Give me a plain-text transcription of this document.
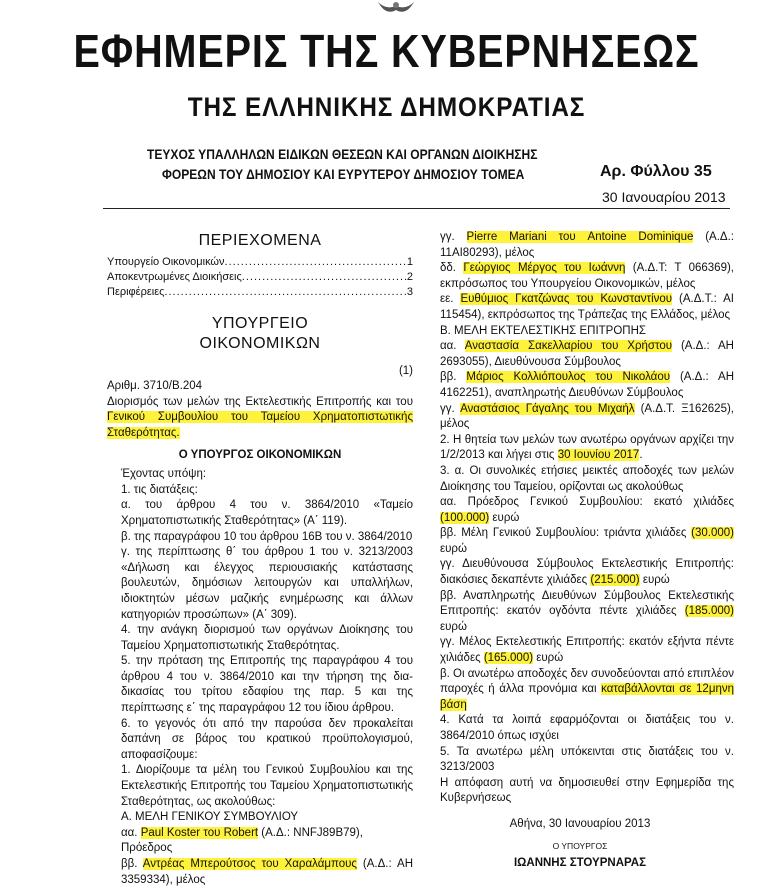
ΕΦΗΜΕΡΙΣ ΤΗΣ ΚΥΒΕΡΝΗΣΕΩΣ
ΤΗΣ ΕΛΛΗΝΙΚΗΣ ΔΗΜΟΚΡΑΤΙΑΣ
ΤΕΥΧΟΣ ΥΠΑΛΛΗΛΩΝ ΕΙΔΙΚΩΝ ΘΕΣΕΩΝ ΚΑΙ ΟΡΓΑΝΩΝ ΔΙΟΙΚΗΣΗΣ
ΦΟΡΕΩΝ ΤΟΥ ΔΗΜΟΣΙΟΥ ΚΑΙ ΕΥΡΥΤΕΡΟΥ ΔΗΜΟΣΙΟΥ ΤΟΜΕΑ	Αρ. Φύλλου 35
30 Ιανουαρίου 2013
ΠΕΡΙΕΧΟΜΕΝΑ
Υπουργείο Οικονομικών .....	1
Αποκεντρωμένες Διοικήσεις .....	2
Περιφέρειες .....	3
ΥΠΟΥΡΓΕΙΟ
ΟΙΚΟΝΟΜΙΚΩΝ

(1)

Αριθμ. 3710/Β.204

Διορισμός των μελών της Εκτελεστικής Επιτροπής και του Γενικού Συμβουλίου του Ταμείου Χρηματοπιστωτικής Σταθερότητας.

Ο ΥΠΟΥΡΓΟΣ ΟΙΚΟΝΟΜΙΚΩΝ

Έχοντας υπόψη:

1. τις διατάξεις:

α. του άρθρου 4 του ν. 3864/2010 «Ταμείο Χρηματοπιστωτικής Σταθερότητας» (Α΄ 119).

β. της παραγράφου 10 του άρθρου 16Β του ν. 3864/2010

γ. της περίπτωσης θ΄ του άρθρου 1 του ν. 3213/2003 «Δήλωση και έλεγχος περιουσιακής κατάστασης βουλευτών, δημόσιων λειτουργών και υπαλλήλων, ιδιοκτητών μέσων μαζικής ενημέρωσης και άλλων κατηγοριών προσώπων» (Α΄ 309).

4. την ανάγκη διορισμού των οργάνων Διοίκησης του Ταμείου Χρηματοπιστωτικής Σταθερότητας.

5. την πρόταση της Επιτροπής της παραγράφου 4 του άρθρου 4 του ν. 3864/2010 και την τήρηση της δια-δικασίας του τρίτου εδαφίου της παρ. 5 και της περίπτωσης ε΄ της παραγράφου 12 του ίδιου άρθρου.

6. το γεγονός ότι από την παρούσα δεν προκαλείται δαπάνη σε βάρος του κρατικού προϋπολογισμού, αποφασίζουμε:

1. Διορίζουμε τα μέλη του Γενικού Συμβουλίου και της Εκτελεστικής Επιτροπής του Ταμείου Χρηματοπιστωτικής Σταθερότητας, ως ακολούθως:

Α. ΜΕΛΗ ΓΕΝΙΚΟΥ ΣΥΜΒΟΥΛΙΟΥ

αα. Paul Koster του Robert (Α.Δ.: NNFJ89B79), Πρόεδρος

ββ. Αντρέας Μπερούτσος του Χαραλάμπους (Α.Δ.: ΑΗ 3359334), μέλος

γγ. Pierre Mariani του Antoine Dominique (Α.Δ.: 11AI80293), μέλος

δδ. Γεώργιος Μέργος του Ιωάννη (Α.Δ.Τ: Τ 066369), εκπρόσωπος του Υπουργείου Οικονομικών, μέλος

εε. Ευθύμιος Γκατζώνας του Κωνσταντίνου (Α.Δ.Τ.: ΑΙ 115454), εκπρόσωπος της Τράπεζας της Ελλάδος, μέλος

Β. ΜΕΛΗ ΕΚΤΕΛΕΣΤΙΚΗΣ ΕΠΙΤΡΟΠΗΣ

αα. Αναστασία Σακελλαρίου του Χρήστου (Α.Δ.: ΑΗ 2693055), Διευθύνουσα Σύμβουλος

ββ. Μάριος Κολλιόπουλος του Νικολάου (Α.Δ.: ΑΗ 4162251), αναπληρωτής Διευθύνων Σύμβουλος

γγ. Αναστάσιος Γάγαλης του Μιχαήλ (Α.Δ.Τ. Ξ162625), μέλος

2. Η θητεία των μελών των ανωτέρω οργάνων αρχίζει την 1/2/2013 και λήγει στις 30 Ιουνίου 2017.

3. α. Οι συνολικές ετήσιες μεικτές αποδοχές των μελών Διοίκησης του Ταμείου, ορίζονται ως ακολούθως

αα. Πρόεδρος Γενικού Συμβουλίου: εκατό χιλιάδες (100.000) ευρώ

ββ. Μέλη Γενικού Συμβουλίου: τριάντα χιλιάδες (30.000) ευρώ

γγ. Διευθύνουσα Σύμβουλος Εκτελεστικής Επιτροπής: διακόσιες δεκαπέντε χιλιάδες (215.000) ευρώ

ββ. Αναπληρωτής Διευθύνων Σύμβουλος Εκτελεστικής Επιτροπής: εκατόν ογδόντα πέντε χιλιάδες (185.000) ευρώ

γγ. Μέλος Εκτελεστικής Επιτροπής: εκατόν εξήντα πέντε χιλιάδες (165.000) ευρώ

β. Οι ανωτέρω αποδοχές δεν συνοδεύονται από επιπλέον παροχές ή άλλα προνόμια και καταβάλλονται σε 12μηνη βάση

4. Κατά τα λοιπά εφαρμόζονται οι διατάξεις του ν. 3864/2010 όπως ισχύει

5. Τα ανωτέρω μέλη υπόκεινται στις διατάξεις του ν. 3213/2003

Η απόφαση αυτή να δημοσιευθεί στην Εφημερίδα της Κυβερνήσεως

Αθήνα, 30 Ιανουαρίου 2013

Ο ΥΠΟΥΡΓΟΣ

ΙΩΑΝΝΗΣ ΣΤΟΥΡΝΑΡΑΣ
